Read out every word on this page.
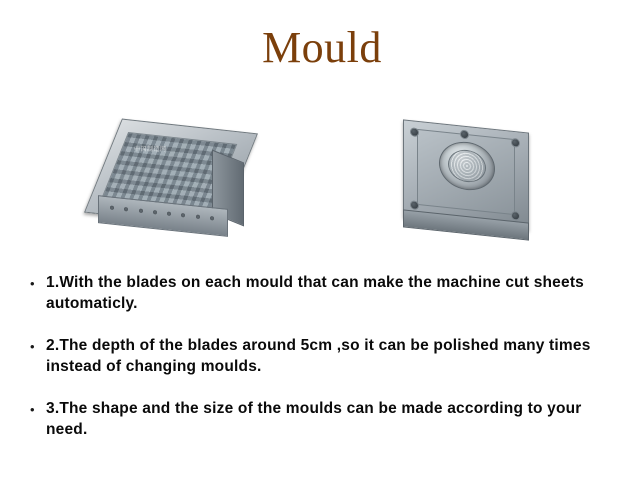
Mould
中国制造网
www.hc360.com
• 1.With the blades on each mould that can make the machine cut sheets automaticly.
• 2.The depth of the blades around 5cm ,so it can be polished many times instead of changing moulds.
• 3.The shape and the size of the moulds can be made according to your need.
